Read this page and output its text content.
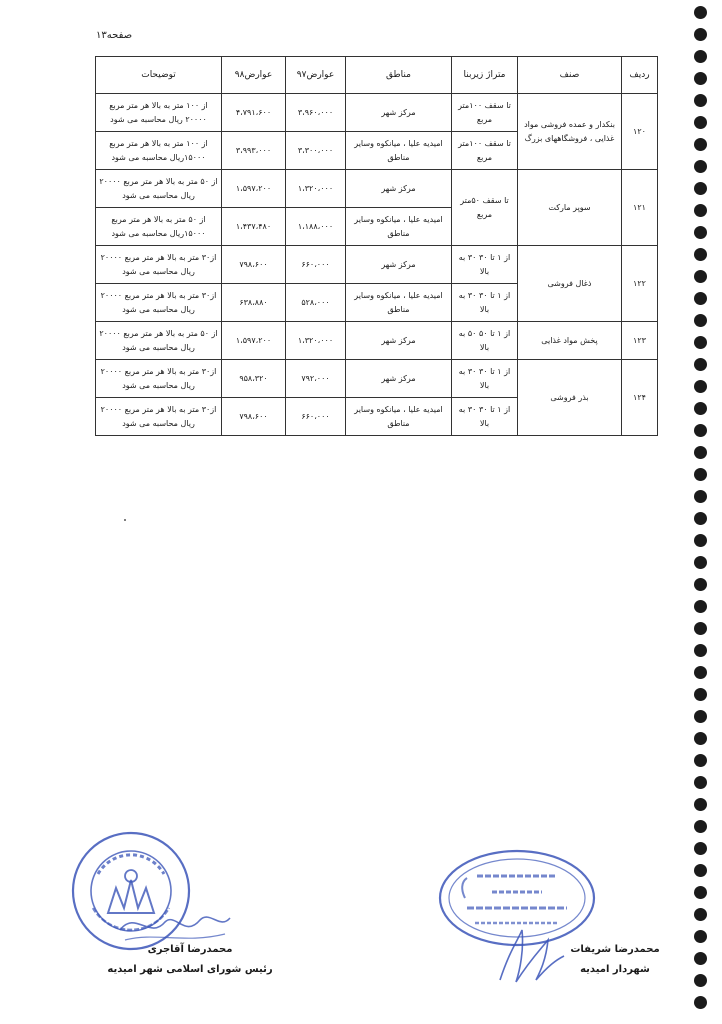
صفحه۱۳
ردیف	صنف	متراژ زیربنا	مناطق	عوارض۹۷	عوارض۹۸	توضیحات
۱۲۰	بنکدار و عمده فروشی مواد غذایی ، فروشگاههای بزرگ	تا سقف ۱۰۰متر مربع	مرکز شهر	۳،۹۶۰،۰۰۰	۴،۷۹۱،۶۰۰	از ۱۰۰ متر به بالا هر متر مربع ۲۰۰۰۰ ریال محاسبه می شود
		تا سقف ۱۰۰متر مربع	امیدیه علیا ، میانکوه وسایر مناطق	۳،۳۰۰،۰۰۰	۳،۹۹۳،۰۰۰	از ۱۰۰ متر به بالا هر متر مربع ۱۵۰۰۰ریال محاسبه می شود
۱۲۱	سوپر مارکت	تا سقف ۵۰متر مربع	مرکز شهر	۱،۳۲۰،۰۰۰	۱،۵۹۷،۲۰۰	از ۵۰ متر به بالا هر متر مربع ۲۰۰۰۰ ریال محاسبه می شود
			امیدیه علیا ، میانکوه وسایر مناطق	۱،۱۸۸،۰۰۰	۱،۴۳۷،۴۸۰	از ۵۰ متر به بالا هر متر مربع ۱۵۰۰۰ریال محاسبه می شود
۱۲۲	ذغال فروشی	از ۱ تا ۳۰ ۳۰ به بالا	مرکز شهر	۶۶۰،۰۰۰	۷۹۸،۶۰۰	از۳۰ متر به بالا هر متر مربع ۲۰۰۰۰ ریال محاسبه می شود
		از ۱ تا ۳۰ ۳۰ به بالا	امیدیه علیا ، میانکوه وسایر مناطق	۵۲۸،۰۰۰	۶۳۸،۸۸۰	از۳۰ متر به بالا هر متر مربع ۲۰۰۰۰ ریال محاسبه می شود
۱۲۳	پخش مواد غذایی	از ۱ تا ۵۰ ۵۰ به بالا	مرکز شهر	۱،۳۲۰،۰۰۰	۱،۵۹۷،۲۰۰	از ۵۰ متر به بالا هر متر مربع ۲۰۰۰۰ ریال محاسبه می شود
۱۲۴	بذر فروشی	از ۱ تا ۳۰ ۳۰ به بالا	مرکز شهر	۷۹۲،۰۰۰	۹۵۸،۳۲۰	از۳۰ متر به بالا هر متر مربع ۲۰۰۰۰ ریال محاسبه می شود
		از ۱ تا ۳۰ ۳۰ به بالا	امیدیه علیا ، میانکوه وسایر مناطق	۶۶۰،۰۰۰	۷۹۸،۶۰۰	از۳۰ متر به بالا هر متر مربع ۲۰۰۰۰ ریال محاسبه می شود
محمدرضا آقاجری
رئیس شورای اسلامی شهر امیدیه
محمدرضا شریفات
شهردار امیدیه
